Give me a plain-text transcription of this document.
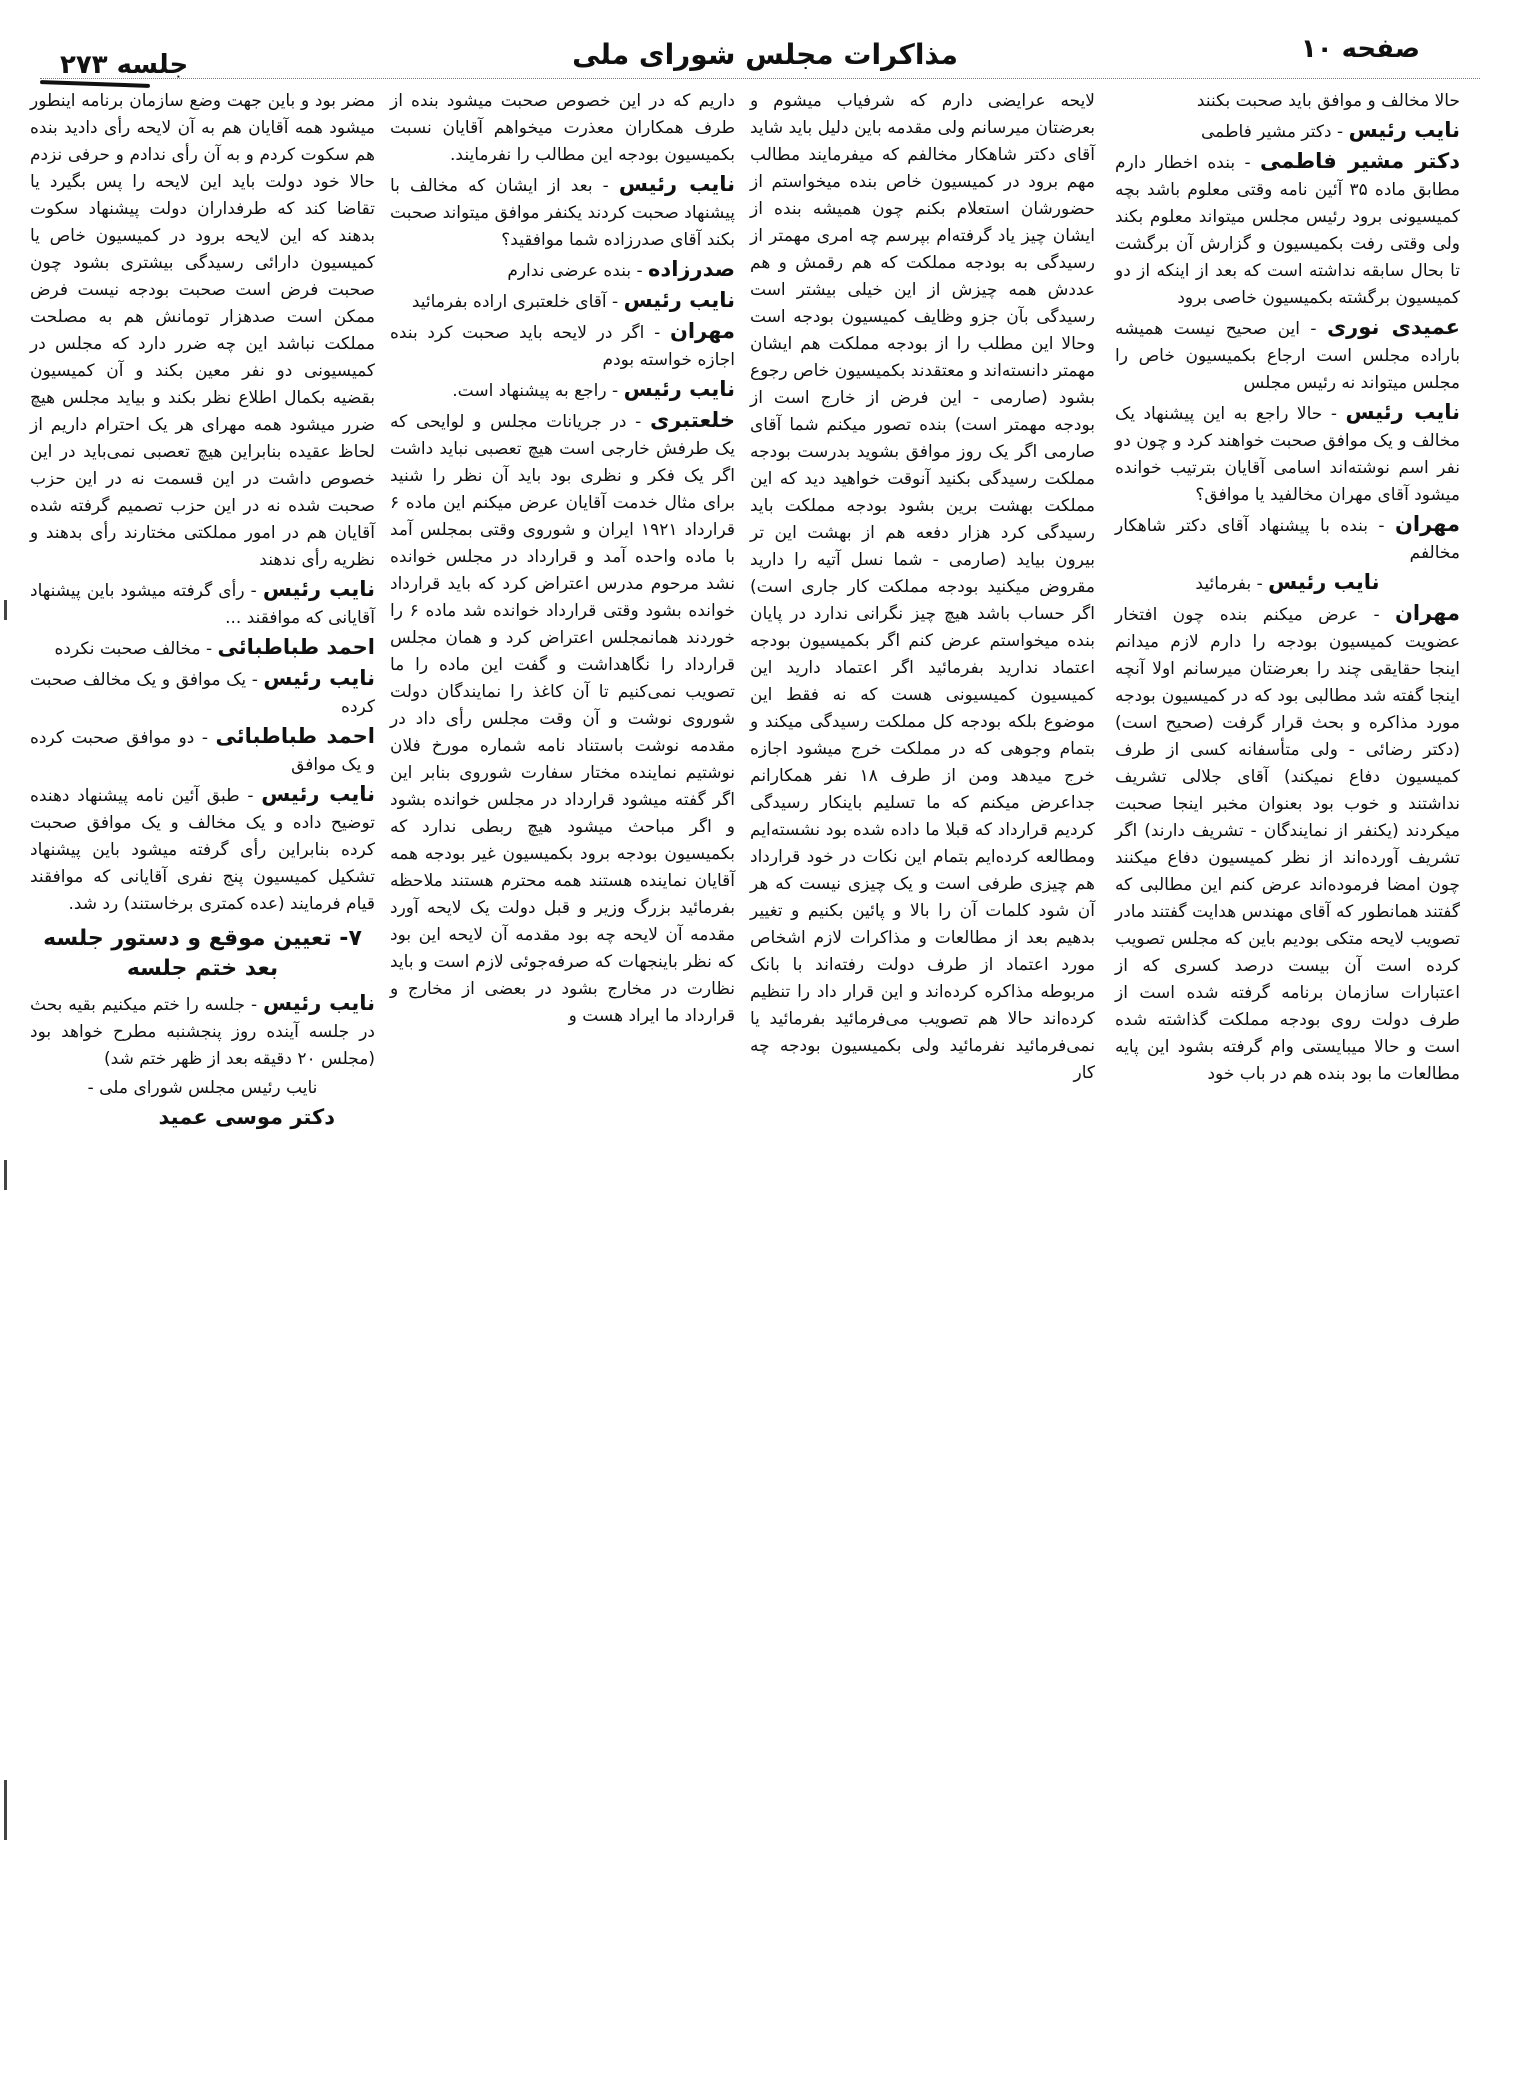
صفحه ۱۰
مذاکرات مجلس شورای ملی
جلسه ۲۷۳

حالا مخالف و موافق باید صحبت بکنند

نایب رئیس - دکتر مشیر فاطمی

دکتر مشیر فاطمی - بنده اخطار دارم مطابق ماده ۳۵ آئین نامه وقتی معلوم باشد بچه کمیسیونی برود رئیس مجلس میتواند معلوم بکند ولی وقتی رفت بکمیسیون و گزارش آن برگشت تا بحال سابقه نداشته است که بعد از اینکه از دو کمیسیون برگشته بکمیسیون خاصی برود

عمیدی نوری - این صحیح نیست همیشه باراده مجلس است ارجاع بکمیسیون خاص را مجلس میتواند نه رئیس مجلس

نایب رئیس - حالا راجع به این پیشنهاد یک مخالف و یک موافق صحبت خواهند کرد و چون دو نفر اسم نوشته‌اند اسامی آقایان بترتیب خوانده میشود آقای مهران مخالفید یا موافق؟

مهران - بنده با پیشنهاد آقای دکتر شاهکار مخالفم

نایب رئیس - بفرمائید

مهران - عرض میکنم بنده چون افتخار عضویت کمیسیون بودجه را دارم لازم میدانم اینجا حقایقی چند را بعرضتان میرسانم اولا آنچه اینجا گفته شد مطالبی بود که در کمیسیون بودجه مورد مذاکره و بحث قرار گرفت (صحیح است) (دکتر رضائی - ولی متأسفانه کسی از طرف کمیسیون دفاع نمیکند) آقای جلالی تشریف نداشتند و خوب بود بعنوان مخبر اینجا صحبت میکردند (یکنفر از نمایندگان - تشریف دارند) اگر تشریف آورده‌اند از نظر کمیسیون دفاع میکنند چون امضا فرموده‌اند عرض کنم این مطالبی که گفتند همانطور که آقای مهندس هدایت گفتند مادر تصویب لایحه متکی بودیم باین که مجلس تصویب کرده است آن بیست درصد کسری که از اعتبارات سازمان برنامه گرفته شده است از طرف دولت روی بودجه مملکت گذاشته شده است و حالا میبایستی وام گرفته بشود این پایه مطالعات ما بود بنده هم در باب خود

لایحه عرایضی دارم که شرفیاب میشوم و بعرضتان میرسانم ولی مقدمه باین دلیل باید شاید آقای دکتر شاهکار مخالفم که میفرمایند مطالب مهم برود در کمیسیون خاص بنده میخواستم از حضورشان استعلام بکنم چون همیشه بنده از ایشان چیز یاد گرفته‌ام بپرسم چه امری مهمتر از رسیدگی به بودجه مملکت که هم رقمش و هم عددش همه چیزش از این خیلی بیشتر است رسیدگی بآن جزو وظایف کمیسیون بودجه است وحالا این مطلب را از بودجه مملکت هم ایشان مهمتر دانسته‌اند و معتقدند بکمیسیون خاص رجوع بشود (صارمی - این فرض از خارج است از بودجه مهمتر است) بنده تصور میکنم شما آقای صارمی اگر یک روز موافق بشوید بدرست بودجه مملکت رسیدگی بکنید آنوقت خواهید دید که این مملکت بهشت برین بشود بودجه مملکت باید رسیدگی کرد هزار دفعه هم از بهشت این تر بیرون بیاید (صارمی - شما نسل آتیه را دارید مقروض میکنید بودجه مملکت کار جاری است) اگر حساب باشد هیچ چیز نگرانی ندارد در پایان بنده میخواستم عرض کنم اگر بکمیسیون بودجه اعتماد ندارید بفرمائید اگر اعتماد دارید این کمیسیون کمیسیونی هست که نه فقط این موضوع بلکه بودجه کل مملکت رسیدگی میکند و بتمام وجوهی که در مملکت خرج میشود اجازه خرج میدهد ومن از طرف ۱۸ نفر همکارانم جداعرض میکنم که ما تسلیم باینکار رسیدگی کردیم قرارداد که قبلا ما داده شده بود نشسته‌ایم ومطالعه کرده‌ایم بتمام این نکات در خود قرارداد هم چیزی طرفی است و یک چیزی نیست که هر آن شود کلمات آن را بالا و پائین بکنیم و تغییر بدهیم بعد از مطالعات و مذاکرات لازم اشخاص مورد اعتماد از طرف دولت رفته‌اند با بانک مربوطه مذاکره کرده‌اند و این قرار داد را تنظیم کرده‌اند حالا هم تصویب می‌فرمائید بفرمائید یا نمی‌فرمائید نفرمائید ولی بکمیسیون بودجه چه کار

داریم که در این خصوص صحبت میشود بنده از طرف همکاران معذرت میخواهم آقایان نسبت بکمیسیون بودجه این مطالب را نفرمایند.

نایب رئیس - بعد از ایشان که مخالف با پیشنهاد صحبت کردند یکنفر موافق میتواند صحبت بکند آقای صدرزاده شما موافقید؟

صدرزاده - بنده عرضی ندارم

نایب رئیس - آقای خلعتبری اراده بفرمائید

مهران - اگر در لایحه باید صحبت کرد بنده اجازه خواسته بودم

نایب رئیس - راجع به پیشنهاد است.

خلعتبری - در جریانات مجلس و لوایحی که یک طرفش خارجی است هیچ تعصبی نباید داشت اگر یک فکر و نظری بود باید آن نظر را شنید برای مثال خدمت آقایان عرض میکنم این ماده ۶ قرارداد ۱۹۲۱ ایران و شوروی وقتی بمجلس آمد با ماده واحده آمد و قرارداد در مجلس خوانده نشد مرحوم مدرس اعتراض کرد که باید قرارداد خوانده بشود وقتی قرارداد خوانده شد ماده ۶ را خوردند همانمجلس اعتراض کرد و همان مجلس قرارداد را نگاهداشت و گفت این ماده را ما تصویب نمی‌کنیم تا آن کاغذ را نمایندگان دولت شوروی نوشت و آن وقت مجلس رأی داد در مقدمه نوشت باستناد نامه شماره مورخ فلان نوشتیم نماینده مختار سفارت شوروی بنابر این اگر گفته میشود قرارداد در مجلس خوانده بشود و اگر مباحث میشود هیچ ربطی ندارد که بکمیسیون بودجه برود بکمیسیون غیر بودجه همه آقایان نماینده هستند همه محترم هستند ملاحظه بفرمائید بزرگ وزیر و قبل دولت یک لایحه آورد مقدمه آن لایحه چه بود مقدمه آن لایحه این بود که نظر باینجهات که صرفه‌جوئی لازم است و باید نظارت در مخارج بشود در بعضی از مخارج و قرارداد ما ایراد هست و

مضر بود و باین جهت وضع سازمان برنامه اینطور میشود همه آقایان هم به آن لایحه رأی دادید بنده هم سکوت کردم و به آن رأی ندادم و حرفی نزدم حالا خود دولت باید این لایحه را پس بگیرد یا تقاضا کند که طرفداران دولت پیشنهاد سکوت بدهند که این لایحه برود در کمیسیون خاص یا کمیسیون دارائی رسیدگی بیشتری بشود چون صحبت فرض است صحبت بودجه نیست فرض ممکن است صدهزار تومانش هم به مصلحت مملکت نباشد این چه ضرر دارد که مجلس در کمیسیونی دو نفر معین بکند و آن کمیسیون بقضیه بکمال اطلاع نظر بکند و بیاید مجلس هیچ ضرر میشود همه مهرای هر یک احترام داریم از لحاظ عقیده بنابراین هیچ تعصبی نمی‌باید در این خصوص داشت در این قسمت نه در این حزب صحبت شده نه در این حزب تصمیم گرفته شده آقایان هم در امور مملکتی مختارند رأی بدهند و نظریه رأی ندهند

نایب رئیس - رأی گرفته میشود باین پیشنهاد آقایانی که موافقند ...

احمد طباطبائی - مخالف صحبت نکرده

نایب رئیس - یک موافق و یک مخالف صحبت کرده

احمد طباطبائی - دو موافق صحبت کرده و یک موافق

نایب رئیس - طبق آئین نامه پیشنهاد دهنده توضیح داده و یک مخالف و یک موافق صحبت کرده بنابراین رأی گرفته میشود باین پیشنهاد تشکیل کمیسیون پنج نفری آقایانی که موافقند قیام فرمایند (عده کمتری برخاستند) رد شد.

۷- تعیین موقع و دستور جلسه بعد ختم جلسه

نایب رئیس - جلسه را ختم میکنیم بقیه بحث در جلسه آینده روز پنجشنبه مطرح خواهد بود (مجلس ۲۰ دقیقه بعد از ظهر ختم شد)

نایب رئیس مجلس شورای ملی -

دکتر موسی عمید
